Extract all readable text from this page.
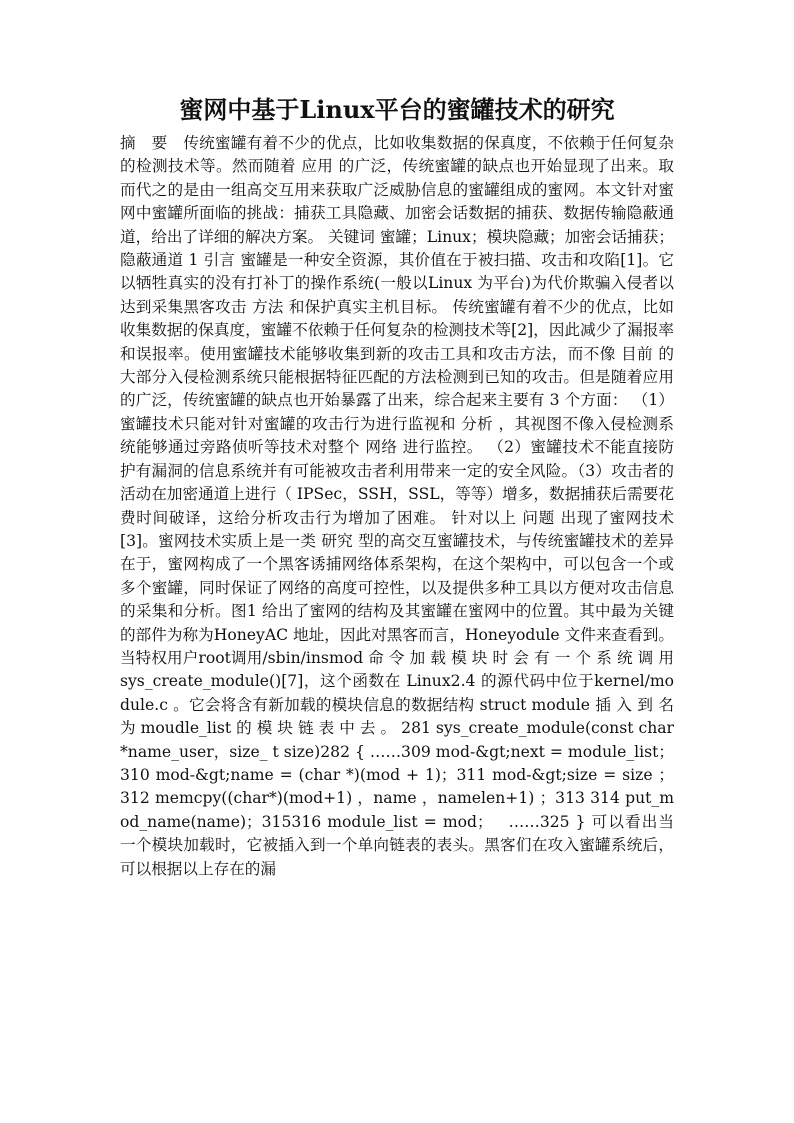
蜜网中基于Linux平台的蜜罐技术的研究

摘　要　传统蜜罐有着不少的优点，比如收集数据的保真度，不依赖于任何复杂的检测技术等。然而随着 应用 的广泛，传统蜜罐的缺点也开始显现了出来。取而代之的是由一组高交互用来获取广泛威胁信息的蜜罐组成的蜜网。本文针对蜜网中蜜罐所面临的挑战：捕获工具隐藏、加密会话数据的捕获、数据传输隐蔽通道，给出了详细的解决方案。 关键词 蜜罐；Linux；模块隐藏；加密会话捕获；隐蔽通道 1 引言 蜜罐是一种安全资源，其价值在于被扫描、攻击和攻陷[1]。它以牺牲真实的没有打补丁的操作系统(一般以Linux 为平台)为代价欺骗入侵者以达到采集黑客攻击 方法 和保护真实主机目标。 传统蜜罐有着不少的优点，比如收集数据的保真度，蜜罐不依赖于任何复杂的检测技术等[2]，因此减少了漏报率和误报率。使用蜜罐技术能够收集到新的攻击工具和攻击方法，而不像 目前 的大部分入侵检测系统只能根据特征匹配的方法检测到已知的攻击。但是随着应用的广泛，传统蜜罐的缺点也开始暴露了出来，综合起来主要有 3 个方面： （1）蜜罐技术只能对针对蜜罐的攻击行为进行监视和 分析 ，其视图不像入侵检测系统能够通过旁路侦听等技术对整个 网络 进行监控。 （2）蜜罐技术不能直接防护有漏洞的信息系统并有可能被攻击者利用带来一定的安全风险。（3）攻击者的活动在加密通道上进行（ IPSec，SSH，SSL，等等）增多，数据捕获后需要花费时间破译，这给分析攻击行为增加了困难。 针对以上 问题 出现了蜜网技术[3]。蜜网技术实质上是一类 研究 型的高交互蜜罐技术，与传统蜜罐技术的差异在于，蜜网构成了一个黑客诱捕网络体系架构，在这个架构中，可以包含一个或多个蜜罐，同时保证了网络的高度可控性，以及提供多种工具以方便对攻击信息的采集和分析。图1 给出了蜜网的结构及其蜜罐在蜜网中的位置。其中最为关键的部件为称为HoneyAC 地址，因此对黑客而言，Honeyodule 文件来查看到。当特权用户root调用/sbin/insmod 命 令 加 载 模 块 时 会 有 一 个 系 统 调 用 sys_create_module()[7]，这个函数在 Linux2.4 的源代码中位于kernel/module.c 。它会将含有新加载的模块信息的数据结构 struct module 插 入 到 名 为 moudle_list 的 模 块 链 表 中 去 。 281 sys_create_module(const char *name_user，size_ t size)282 { ……309 mod-&gt;next = module_list；310 mod-&gt;name = (char *)(mod + 1)；311 mod-&gt;size = size ；312 memcpy((char*)(mod+1) ，name ，namelen+1) ；313 314 put_mod_name(name)；315316 module_list = mod；　 ……325 } 可以看出当一个模块加载时，它被插入到一个单向链表的表头。黑客们在攻入蜜罐系统后，可以根据以上存在的漏
